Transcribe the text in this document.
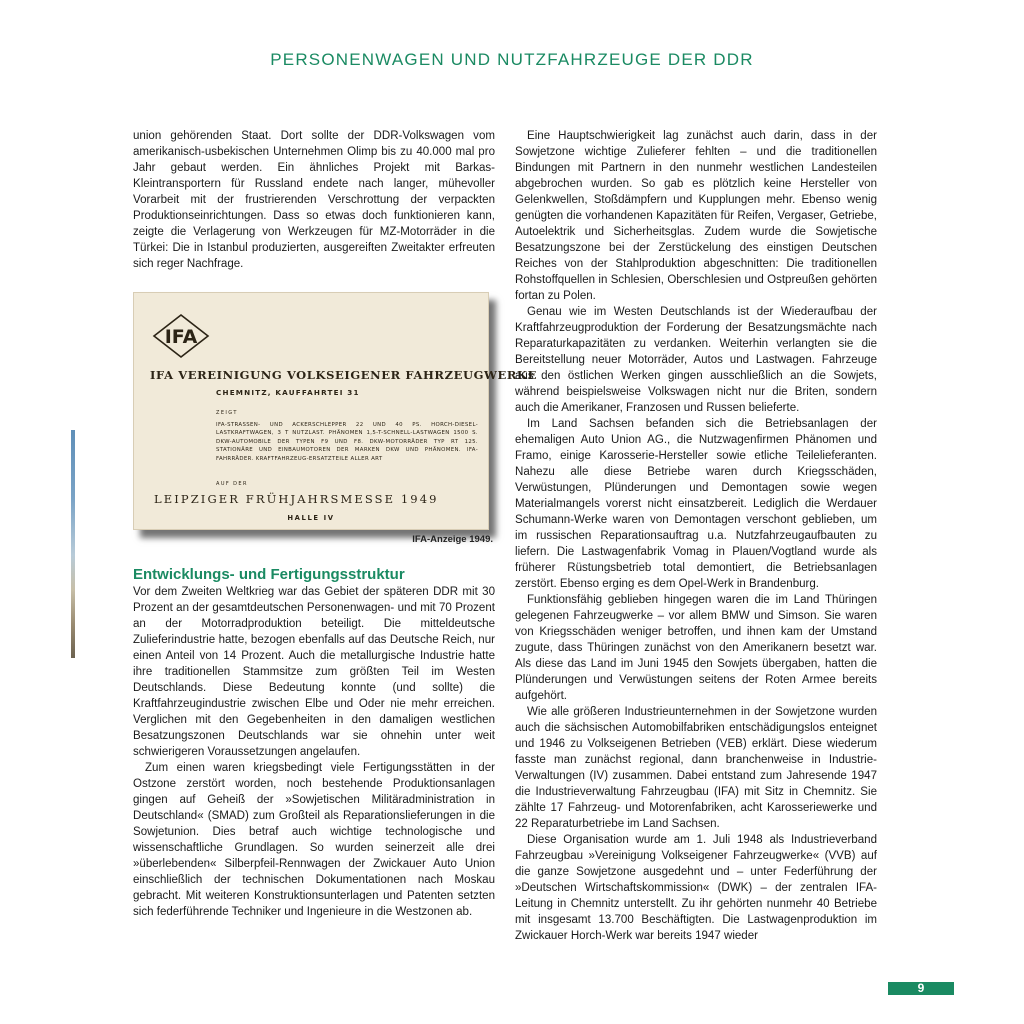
PERSONENWAGEN UND NUTZFAHRZEUGE DER DDR

union gehörenden Staat. Dort sollte der DDR-Volkswagen vom amerikanisch-usbekischen Unternehmen Olimp bis zu 40.000 mal pro Jahr gebaut werden. Ein ähnliches Projekt mit Barkas-Kleintransportern für Russland endete nach langer, mühevoller Vorarbeit mit der frustrierenden Verschrottung der verpackten Produktionseinrichtungen. Dass so etwas doch funktionieren kann, zeigte die Verlagerung von Werkzeugen für MZ-Motorräder in die Türkei: Die in Istanbul produzierten, ausgereiften Zweitakter erfreuten sich reger Nachfrage.

IFA
IFA VEREINIGUNG VOLKSEIGENER FAHRZEUGWERKE
CHEMNITZ, KAUFFAHRTEI 31
ZEIGT
IFA-STRASSEN- UND ACKERSCHLEPPER 22 UND 40 PS. HORCH-DIESEL-LASTKRAFTWAGEN, 3 T NUTZLAST. PHÄNOMEN 1,5-T-SCHNELL-LASTWAGEN 1500 S. DKW-AUTOMOBILE DER TYPEN F9 UND F8. DKW-MOTORRÄDER TYP RT 125. STATIONÄRE UND EINBAUMOTOREN DER MARKEN DKW UND PHÄNOMEN. IFA-FAHRRÄDER. KRAFTFAHRZEUG-ERSATZTEILE ALLER ART
AUF DER
LEIPZIGER FRÜHJAHRSMESSE 1949
HALLE IV
IFA-Anzeige 1949.
Entwicklungs- und Fertigungsstruktur

Vor dem Zweiten Weltkrieg war das Gebiet der späteren DDR mit 30 Prozent an der gesamtdeutschen Personenwagen- und mit 70 Prozent an der Motorradproduktion beteiligt. Die mitteldeutsche Zulieferindustrie hatte, bezogen ebenfalls auf das Deutsche Reich, nur einen Anteil von 14 Prozent. Auch die metallurgische Industrie hatte ihre traditionellen Stammsitze zum größten Teil im Westen Deutschlands. Diese Bedeutung konnte (und sollte) die Kraftfahrzeugindustrie zwischen Elbe und Oder nie mehr erreichen. Verglichen mit den Gegebenheiten in den damaligen westlichen Besatzungszonen Deutschlands war sie ohnehin unter weit schwierigeren Voraussetzungen angelaufen.

Zum einen waren kriegsbedingt viele Fertigungsstätten in der Ostzone zerstört worden, noch bestehende Produktionsanlagen gingen auf Geheiß der »Sowjetischen Militäradministration in Deutschland« (SMAD) zum Großteil als Reparationslieferungen in die Sowjetunion. Dies betraf auch wichtige technologische und wissenschaftliche Grundlagen. So wurden seinerzeit alle drei »überlebenden« Silberpfeil-Rennwagen der Zwickauer Auto Union einschließlich der technischen Dokumentationen nach Moskau gebracht. Mit weiteren Konstruktionsunterlagen und Patenten setzten sich federführende Techniker und Ingenieure in die Westzonen ab.

Eine Hauptschwierigkeit lag zunächst auch darin, dass in der Sowjetzone wichtige Zulieferer fehlten – und die traditionellen Bindungen mit Partnern in den nunmehr westlichen Landesteilen abgebrochen wurden. So gab es plötzlich keine Hersteller von Gelenkwellen, Stoßdämpfern und Kupplungen mehr. Ebenso wenig genügten die vorhandenen Kapazitäten für Reifen, Vergaser, Getriebe, Autoelektrik und Sicherheitsglas. Zudem wurde die Sowjetische Besatzungszone bei der Zerstückelung des einstigen Deutschen Reiches von der Stahlproduktion abgeschnitten: Die traditionellen Rohstoffquellen in Schlesien, Oberschlesien und Ostpreußen gehörten fortan zu Polen.

Genau wie im Westen Deutschlands ist der Wiederaufbau der Kraftfahrzeugproduktion der Forderung der Besatzungsmächte nach Reparaturkapazitäten zu verdanken. Weiterhin verlangten sie die Bereitstellung neuer Motorräder, Autos und Lastwagen. Fahrzeuge aus den östlichen Werken gingen ausschließlich an die Sowjets, während beispielsweise Volkswagen nicht nur die Briten, sondern auch die Amerikaner, Franzosen und Russen belieferte.

Im Land Sachsen befanden sich die Betriebsanlagen der ehemaligen Auto Union AG., die Nutzwagenfirmen Phänomen und Framo, einige Karosserie-Hersteller sowie etliche Teilelieferanten. Nahezu alle diese Betriebe waren durch Kriegsschäden, Verwüstungen, Plünderungen und Demontagen sowie wegen Materialmangels vorerst nicht einsatzbereit. Lediglich die Werdauer Schumann-Werke waren von Demontagen verschont geblieben, um im russischen Reparationsauftrag u.a. Nutzfahrzeugaufbauten zu liefern. Die Lastwagenfabrik Vomag in Plauen/Vogtland wurde als früherer Rüstungsbetrieb total demontiert, die Betriebsanlagen zerstört. Ebenso erging es dem Opel-Werk in Brandenburg.

Funktionsfähig geblieben hingegen waren die im Land Thüringen gelegenen Fahrzeugwerke – vor allem BMW und Simson. Sie waren von Kriegsschäden weniger betroffen, und ihnen kam der Umstand zugute, dass Thüringen zunächst von den Amerikanern besetzt war. Als diese das Land im Juni 1945 den Sowjets übergaben, hatten die Plünderungen und Verwüstungen seitens der Roten Armee bereits aufgehört.

Wie alle größeren Industrieunternehmen in der Sowjetzone wurden auch die sächsischen Automobilfabriken entschädigungslos enteignet und 1946 zu Volkseigenen Betrieben (VEB) erklärt. Diese wiederum fasste man zunächst regional, dann branchenweise in Industrie-Verwaltungen (IV) zusammen. Dabei entstand zum Jahresende 1947 die Industrieverwaltung Fahrzeugbau (IFA) mit Sitz in Chemnitz. Sie zählte 17 Fahrzeug- und Motorenfabriken, acht Karosseriewerke und 22 Reparaturbetriebe im Land Sachsen.

Diese Organisation wurde am 1. Juli 1948 als Industrieverband Fahrzeugbau »Vereinigung Volkseigener Fahrzeugwerke« (VVB) auf die ganze Sowjetzone ausgedehnt und – unter Federführung der »Deutschen Wirtschaftskommission« (DWK) – der zentralen IFA-Leitung in Chemnitz unterstellt. Zu ihr gehörten nunmehr 40 Betriebe mit insgesamt 13.700 Beschäftigten. Die Lastwagenproduktion im Zwickauer Horch-Werk war bereits 1947 wieder

9
